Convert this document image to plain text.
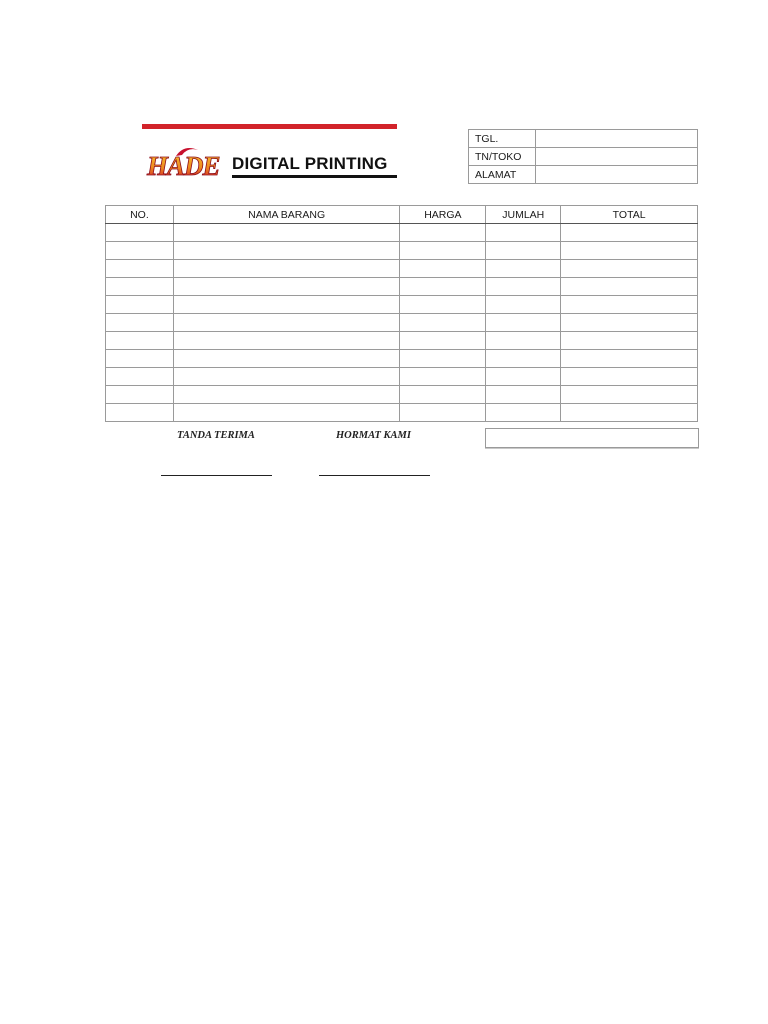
HADE DIGITAL PRINTING
TGL.	
TN/TOKO	
ALAMAT	
NO.	NAMA BARANG	HARGA	JUMLAH	TOTAL

TANDA TERIMA	HORMAT KAMI
